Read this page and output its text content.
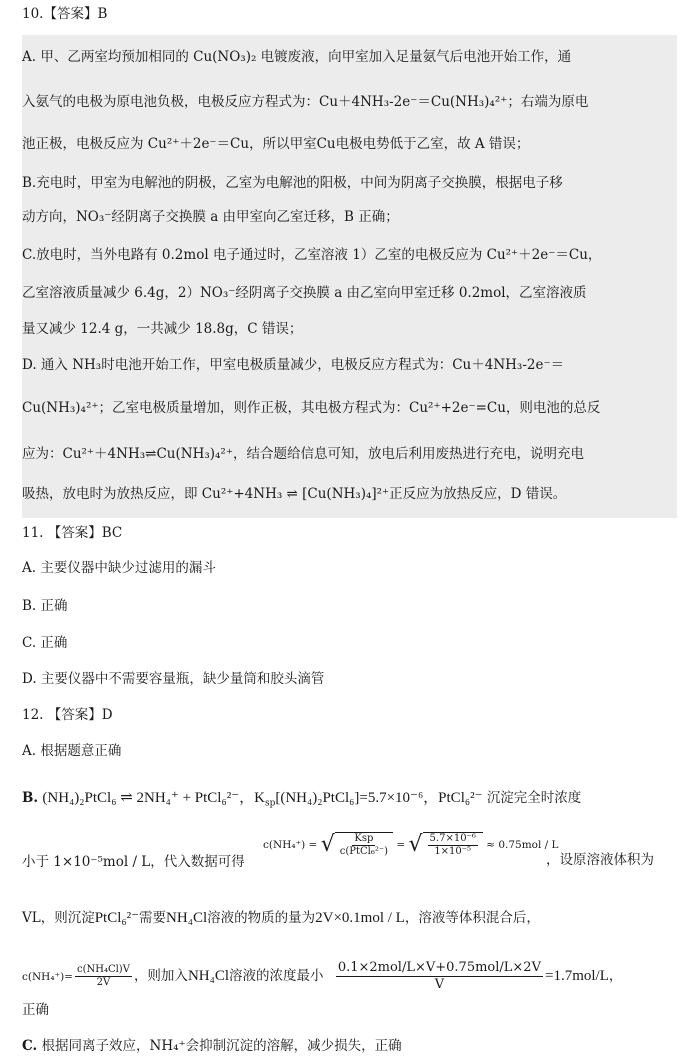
10.【答案】B
A. 甲、乙两室均预加相同的 Cu(NO₃)₂ 电镀废液，向甲室加入足量氨气后电池开始工作，通
入氨气的电极为原电池负极，电极反应方程式为：Cu＋4NH₃-2e⁻＝Cu(NH₃)₄²⁺；右端为原电
池正极，电极反应为 Cu²⁺＋2e⁻＝Cu，所以甲室Cu电极电势低于乙室，故 A 错误；
B.充电时，甲室为电解池的阴极，乙室为电解池的阳极，中间为阴离子交换膜，根据电子移
动方向，NO₃⁻经阴离子交换膜 a 由甲室向乙室迁移，B 正确；
C.放电时，当外电路有 0.2mol 电子通过时，乙室溶液 1）乙室的电极反应为 Cu²⁺＋2e⁻＝Cu，
乙室溶液质量减少 6.4g，2）NO₃⁻经阴离子交换膜 a 由乙室向甲室迁移 0.2mol，乙室溶液质
量又减少 12.4 g，一共减少 18.8g，C 错误；
D. 通入 NH₃时电池开始工作，甲室电极质量减少，电极反应方程式为：Cu＋4NH₃-2e⁻＝
Cu(NH₃)₄²⁺；乙室电极质量增加，则作正极，其电极方程式为：Cu²⁺+2e⁻=Cu，则电池的总反
应为：Cu²⁺＋4NH₃⇌Cu(NH₃)₄²⁺，结合题给信息可知，放电后利用废热进行充电，说明充电
吸热，放电时为放热反应，即 Cu²⁺+4NH₃ ⇌ [Cu(NH₃)₄]²⁺正反应为放热反应，D 错误。
11. 【答案】BC
A. 主要仪器中缺少过滤用的漏斗
B. 正确
C. 正确
D. 主要仪器中不需要容量瓶，缺少量筒和胶头滴管
12. 【答案】D
A. 根据题意正确
B. (NH₄)₂PtCl₆ ⇌ 2NH₄⁺ + PtCl₆²⁻，$K_{sp}[(NH_4)_2PtCl_6]=5.7\times 10^{-6}$，PtCl₆²⁻ 沉淀完全时浓度
小于 1×10⁻⁵mol / L，代入数据可得 $^{c(NH_4^+) = √ \frac{\text{Ksp}}{\text{c(PtCl₆²⁻)}} = √ \frac{\text{5.7×10⁻⁶}}{\text{1×10⁻⁵}} \approx 0.75mol / L}$
，设原溶液体积为
VL，则沉淀PtCl₆²⁻需要NH₄Cl溶液的物质的量为2V×0.1mol / L，溶液等体积混合后，
$c(NH_4^+)= \frac{\text{c(NH₄Cl)V}}{2V}$ ，则加入NH₄Cl溶液的浓度最小 $\frac{\text{0.1×2mol/L×V+0.75mol/L×2V}}{V} =1.7mol/L$，
正确
C. 根据同离子效应，NH₄⁺会抑制沉淀的溶解，减少损失，正确
